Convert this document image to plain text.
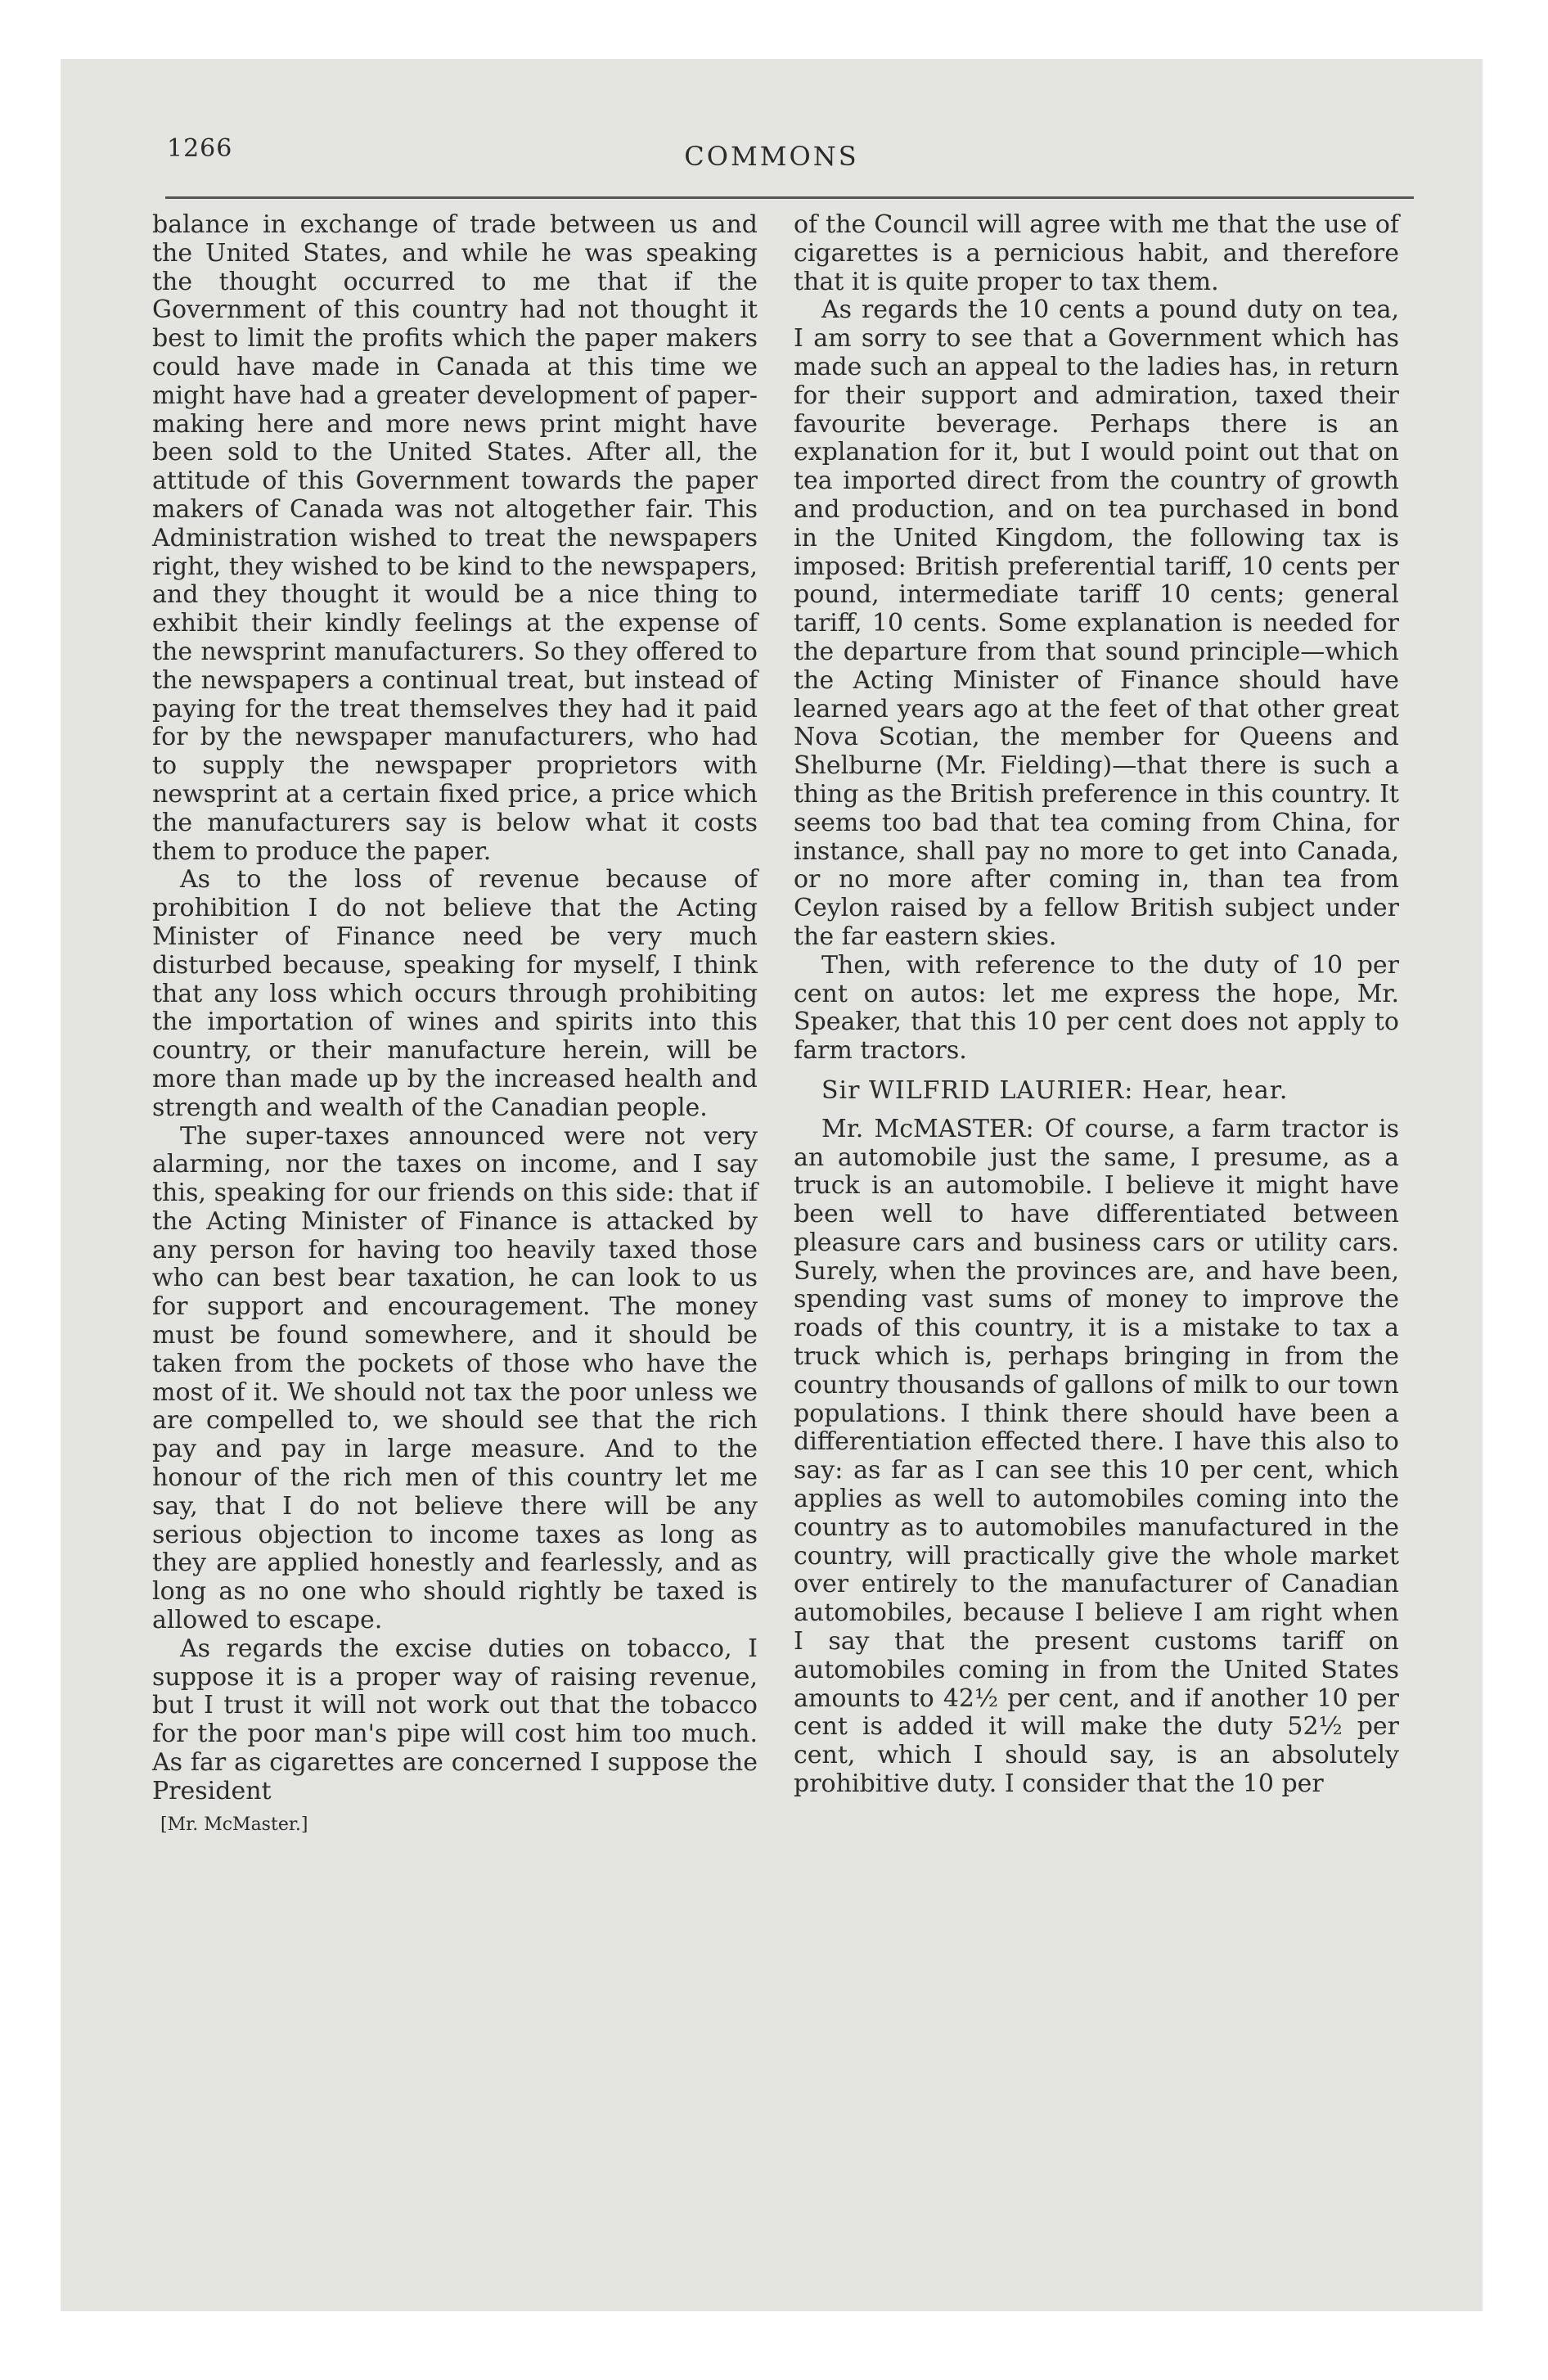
1266	COMMONS

balance in exchange of trade between us and the United States, and while he was speaking the thought occurred to me that if the Government of this country had not thought it best to limit the profits which the paper makers could have made in Canada at this time we might have had a greater development of paper-making here and more news print might have been sold to the United States. After all, the attitude of this Government towards the paper makers of Canada was not altogether fair. This Administration wished to treat the newspapers right, they wished to be kind to the newspapers, and they thought it would be a nice thing to exhibit their kindly feelings at the expense of the newsprint manufacturers. So they offered to the newspapers a continual treat, but instead of paying for the treat themselves they had it paid for by the newspaper manufacturers, who had to supply the newspaper proprietors with newsprint at a certain fixed price, a price which the manufacturers say is below what it costs them to produce the paper.

As to the loss of revenue because of prohibition I do not believe that the Acting Minister of Finance need be very much disturbed because, speaking for myself, I think that any loss which occurs through prohibiting the importation of wines and spirits into this country, or their manufacture herein, will be more than made up by the increased health and strength and wealth of the Canadian people.

The super-taxes announced were not very alarming, nor the taxes on income, and I say this, speaking for our friends on this side: that if the Acting Minister of Finance is attacked by any person for having too heavily taxed those who can best bear taxation, he can look to us for support and encouragement. The money must be found somewhere, and it should be taken from the pockets of those who have the most of it. We should not tax the poor unless we are compelled to, we should see that the rich pay and pay in large measure. And to the honour of the rich men of this country let me say, that I do not believe there will be any serious objection to income taxes as long as they are applied honestly and fearlessly, and as long as no one who should rightly be taxed is allowed to escape.

As regards the excise duties on tobacco, I suppose it is a proper way of raising revenue, but I trust it will not work out that the tobacco for the poor man's pipe will cost him too much. As far as cigarettes are concerned I suppose the President

[Mr. McMaster.]

of the Council will agree with me that the use of cigarettes is a pernicious habit, and therefore that it is quite proper to tax them.

As regards the 10 cents a pound duty on tea, I am sorry to see that a Government which has made such an appeal to the ladies has, in return for their support and admiration, taxed their favourite beverage. Perhaps there is an explanation for it, but I would point out that on tea imported direct from the country of growth and production, and on tea purchased in bond in the United Kingdom, the following tax is imposed: British preferential tariff, 10 cents per pound, intermediate tariff 10 cents; general tariff, 10 cents. Some explanation is needed for the departure from that sound principle—which the Acting Minister of Finance should have learned years ago at the feet of that other great Nova Scotian, the member for Queens and Shelburne (Mr. Fielding)—that there is such a thing as the British preference in this country. It seems too bad that tea coming from China, for instance, shall pay no more to get into Canada, or no more after coming in, than tea from Ceylon raised by a fellow British subject under the far eastern skies.

Then, with reference to the duty of 10 per cent on autos: let me express the hope, Mr. Speaker, that this 10 per cent does not apply to farm tractors.

Sir WILFRID LAURIER: Hear, hear.

Mr. McMASTER: Of course, a farm tractor is an automobile just the same, I presume, as a truck is an automobile. I believe it might have been well to have differentiated between pleasure cars and business cars or utility cars. Surely, when the provinces are, and have been, spending vast sums of money to improve the roads of this country, it is a mistake to tax a truck which is, perhaps bringing in from the country thousands of gallons of milk to our town populations. I think there should have been a differentiation effected there. I have this also to say: as far as I can see this 10 per cent, which applies as well to automobiles coming into the country as to automobiles manufactured in the country, will practically give the whole market over entirely to the manufacturer of Canadian automobiles, because I believe I am right when I say that the present customs tariff on automobiles coming in from the United States amounts to 42½ per cent, and if another 10 per cent is added it will make the duty 52½ per cent, which I should say, is an absolutely prohibitive duty. I consider that the 10 per
